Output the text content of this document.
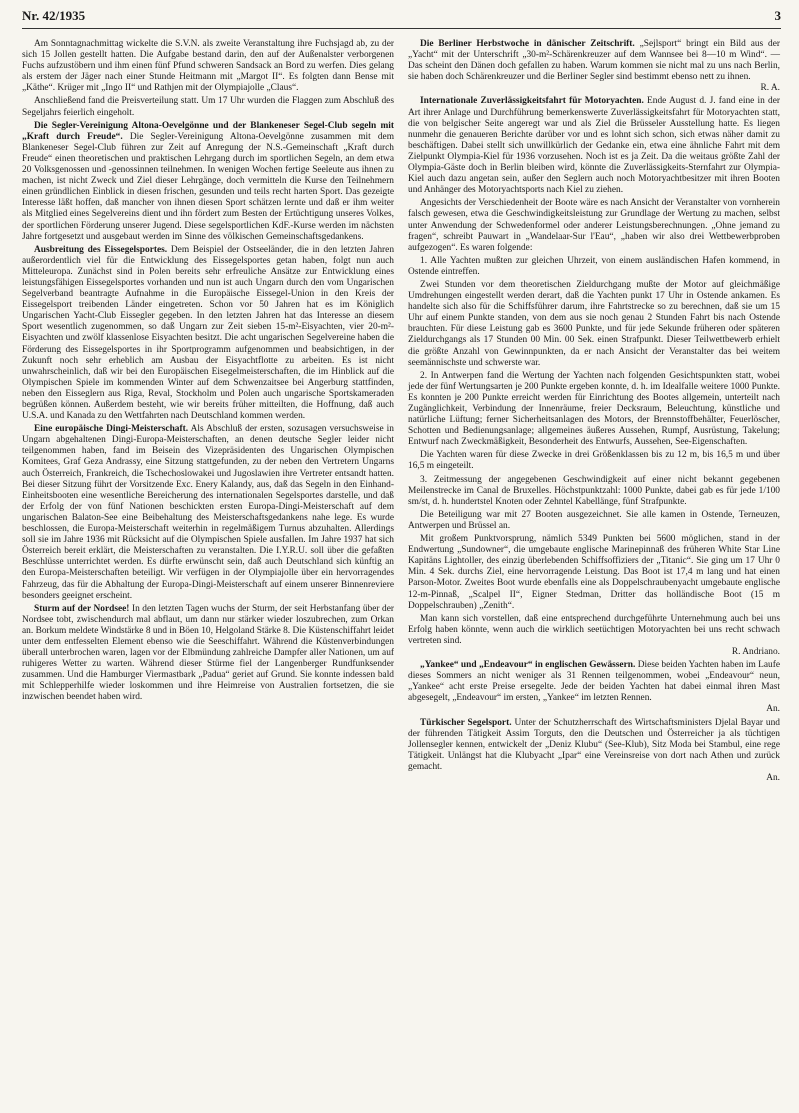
Nr. 42/1935	3

Am Sonntagnachmittag wickelte die S.V.N. als zweite Veranstaltung ihre Fuchsjagd ab, zu der sich 15 Jollen gestellt hatten. Die Aufgabe bestand darin, den auf der Außenalster verborgenen Fuchs aufzustöbern und ihm einen fünf Pfund schweren Sandsack an Bord zu werfen. Dies gelang als erstem der Jäger nach einer Stunde Heitmann mit „Margot II“. Es folgten dann Bense mit „Käthe“. Krüger mit „Ingo II“ und Rathjen mit der Olympiajolle „Claus“.

Anschließend fand die Preisverteilung statt. Um 17 Uhr wurden die Flaggen zum Abschluß des Segeljahrs feierlich eingeholt.

Die Segler-Vereinigung Altona-Oevelgönne und der Blankeneser Segel-Club segeln mit „Kraft durch Freude“. Die Segler-Vereinigung Altona-Oevelgönne zusammen mit dem Blankeneser Segel-Club führen zur Zeit auf Anregung der N.S.-Gemeinschaft „Kraft durch Freude“ einen theoretischen und praktischen Lehrgang durch im sportlichen Segeln, an dem etwa 20 Volksgenossen und -genossinnen teilnehmen. In wenigen Wochen fertige Seeleute aus ihnen zu machen, ist nicht Zweck und Ziel dieser Lehrgänge, doch vermitteln die Kurse den Teilnehmern einen gründlichen Einblick in diesen frischen, gesunden und teils recht harten Sport. Das gezeigte Interesse läßt hoffen, daß mancher von ihnen diesen Sport schätzen lernte und daß er ihm weiter als Mitglied eines Segelvereins dient und ihn fördert zum Besten der Ertüchtigung unseres Volkes, der sportlichen Förderung unserer Jugend. Diese segelsportlichen KdF.-Kurse werden im nächsten Jahre fortgesetzt und ausgebaut werden im Sinne des völkischen Gemeinschaftsgedankens.

Ausbreitung des Eissegelsportes. Dem Beispiel der Ostseeländer, die in den letzten Jahren außerordentlich viel für die Entwicklung des Eissegelsportes getan haben, folgt nun auch Mitteleuropa. Zunächst sind in Polen bereits sehr erfreuliche Ansätze zur Entwicklung eines leistungsfähigen Eissegelsportes vorhanden und nun ist auch Ungarn durch den vom Ungarischen Segelverband beantragte Aufnahme in die Europäische Eissegel-Union in den Kreis der Eissegelsport treibenden Länder eingetreten. Schon vor 50 Jahren hat es im Königlich Ungarischen Yacht-Club Eissegler gegeben. In den letzten Jahren hat das Interesse an diesem Sport wesentlich zugenommen, so daß Ungarn zur Zeit sieben 15-m²-Eisyachten, vier 20-m²-Eisyachten und zwölf klassenlose Eisyachten besitzt. Die acht ungarischen Segelvereine haben die Förderung des Eissegelsportes in ihr Sportprogramm aufgenommen und beabsichtigen, in der Zukunft noch sehr erheblich am Ausbau der Eisyachtflotte zu arbeiten. Es ist nicht unwahrscheinlich, daß wir bei den Europäischen Eisegelmeisterschaften, die im Hinblick auf die Olympischen Spiele im kommenden Winter auf dem Schwenzaitsee bei Angerburg stattfinden, neben den Eisseglern aus Riga, Reval, Stockholm und Polen auch ungarische Sportskameraden begrüßen können. Außerdem besteht, wie wir bereits früher mitteilten, die Hoffnung, daß auch U.S.A. und Kanada zu den Wettfahrten nach Deutschland kommen werden.

Eine europäische Dingi-Meisterschaft. Als Abschluß der ersten, sozusagen versuchsweise in Ungarn abgehaltenen Dingi-Europa-Meisterschaften, an denen deutsche Segler leider nicht teilgenommen haben, fand im Beisein des Vizepräsidenten des Ungarischen Olympischen Komitees, Graf Geza Andrassy, eine Sitzung stattgefunden, zu der neben den Vertretern Ungarns auch Österreich, Frankreich, die Tschechoslowakei und Jugoslawien ihre Vertreter entsandt hatten. Bei dieser Sitzung führt der Vorsitzende Exc. Enery Kalandy, aus, daß das Segeln in den Einhand-Einheitsbooten eine wesentliche Bereicherung des internationalen Segelsportes darstelle, und daß der Erfolg der von fünf Nationen beschickten ersten Europa-Dingi-Meisterschaft auf dem ungarischen Balaton-See eine Beibehaltung des Meisterschaftsgedankens nahe lege. Es wurde beschlossen, die Europa-Meisterschaft weiterhin in regelmäßigem Turnus abzuhalten. Allerdings soll sie im Jahre 1936 mit Rücksicht auf die Olympischen Spiele ausfallen. Im Jahre 1937 hat sich Österreich bereit erklärt, die Meisterschaften zu veranstalten. Die I.Y.R.U. soll über die gefaßten Beschlüsse unterrichtet werden. Es dürfte erwünscht sein, daß auch Deutschland sich künftig an den Europa-Meisterschaften beteiligt. Wir verfügen in der Olympiajolle über ein hervorragendes Fahrzeug, das für die Abhaltung der Europa-Dingi-Meisterschaft auf einem unserer Binnenreviere besonders geeignet erscheint.

Sturm auf der Nordsee! In den letzten Tagen wuchs der Sturm, der seit Herbstanfang über der Nordsee tobt, zwischendurch mal abflaut, um dann nur stärker wieder loszubrechen, zum Orkan an. Borkum meldete Windstärke 8 und in Böen 10, Helgoland Stärke 8. Die Küstenschiffahrt leidet unter dem entfesselten Element ebenso wie die Seeschiffahrt. Während die Küstenverbindungen überall unterbrochen waren, lagen vor der Elbmündung zahlreiche Dampfer aller Nationen, um auf ruhigeres Wetter zu warten. Während dieser Stürme fiel der Langenberger Rundfunksender zusammen. Und die Hamburger Viermastbark „Padua“ geriet auf Grund. Sie konnte indessen bald mit Schlepperhilfe wieder loskommen und ihre Heimreise von Australien fortsetzen, die sie inzwischen beendet haben wird.

Die Berliner Herbstwoche in dänischer Zeitschrift. „Sejlsport“ bringt ein Bild aus der „Yacht“ mit der Unterschrift „30-m²-Schärenkreuzer auf dem Wannsee bei 8—10 m Wind“. — Das scheint den Dänen doch gefallen zu haben. Warum kommen sie nicht mal zu uns nach Berlin, sie haben doch Schärenkreuzer und die Berliner Segler sind bestimmt ebenso nett zu ihnen.
R. A.

Internationale Zuverlässigkeitsfahrt für Motoryachten. Ende August d. J. fand eine in der Art ihrer Anlage und Durchführung bemerkenswerte Zuverlässigkeitsfahrt für Motoryachten statt, die von belgischer Seite angeregt war und als Ziel die Brüsseler Ausstellung hatte. Es liegen nunmehr die genaueren Berichte darüber vor und es lohnt sich schon, sich etwas näher damit zu beschäftigen. Dabei stellt sich unwillkürlich der Gedanke ein, etwa eine ähnliche Fahrt mit dem Zielpunkt Olympia-Kiel für 1936 vorzusehen. Noch ist es ja Zeit. Da die weitaus größte Zahl der Olympia-Gäste doch in Berlin bleiben wird, könnte die Zuverlässigkeits-Sternfahrt zur Olympia-Kiel auch dazu angetan sein, außer den Seglern auch noch Motoryachtbesitzer mit ihren Booten und Anhänger des Motoryachtsports nach Kiel zu ziehen.

Angesichts der Verschiedenheit der Boote wäre es nach Ansicht der Veranstalter von vornherein falsch gewesen, etwa die Geschwindigkeitsleistung zur Grundlage der Wertung zu machen, selbst unter Anwendung der Schwedenformel oder anderer Leistungsberechnungen. „Ohne jemand zu fragen“, schreibt Pauwart in „Wandelaar-Sur l'Eau“, „haben wir also drei Wettbewerbproben aufgezogen“. Es waren folgende:

1. Alle Yachten mußten zur gleichen Uhrzeit, von einem ausländischen Hafen kommend, in Ostende eintreffen.

Zwei Stunden vor dem theoretischen Zieldurchgang mußte der Motor auf gleichmäßige Umdrehungen eingestellt werden derart, daß die Yachten punkt 17 Uhr in Ostende ankamen. Es handelte sich also für die Schiffsführer darum, ihre Fahrtstrecke so zu berechnen, daß sie um 15 Uhr auf einem Punkte standen, von dem aus sie noch genau 2 Stunden Fahrt bis nach Ostende brauchten. Für diese Leistung gab es 3600 Punkte, und für jede Sekunde früheren oder späteren Zieldurchgangs als 17 Stunden 00 Min. 00 Sek. einen Strafpunkt. Dieser Teilwettbewerb erhielt die größte Anzahl von Gewinnpunkten, da er nach Ansicht der Veranstalter das bei weitem seemännischste und schwerste war.

2. In Antwerpen fand die Wertung der Yachten nach folgenden Gesichtspunkten statt, wobei jede der fünf Wertungsarten je 200 Punkte ergeben konnte, d. h. im Idealfalle weitere 1000 Punkte. Es konnten je 200 Punkte erreicht werden für Einrichtung des Bootes allgemein, unterteilt nach Zugänglichkeit, Verbindung der Innenräume, freier Decksraum, Beleuchtung, künstliche und natürliche Lüftung; ferner Sicherheitsanlagen des Motors, der Brennstoffbehälter, Feuerlöscher, Schotten und Bedienungsanlage; allgemeines äußeres Aussehen, Rumpf, Ausrüstung, Takelung; Entwurf nach Zweckmäßigkeit, Besonderheit des Entwurfs, Aussehen, See-Eigenschaften.

Die Yachten waren für diese Zwecke in drei Größenklassen bis zu 12 m, bis 16,5 m und über 16,5 m eingeteilt.

3. Zeitmessung der angegebenen Geschwindigkeit auf einer nicht bekannt gegebenen Meilenstrecke im Canal de Bruxelles. Höchstpunktzahl: 1000 Punkte, dabei gab es für jede 1/100 sm/st, d. h. hundertstel Knoten oder Zehntel Kabellänge, fünf Strafpunkte.

Die Beteiligung war mit 27 Booten ausgezeichnet. Sie alle kamen in Ostende, Terneuzen, Antwerpen und Brüssel an.

Mit großem Punktvorsprung, nämlich 5349 Punkten bei 5600 möglichen, stand in der Endwertung „Sundowner“, die umgebaute englische Marinepinnaß des früheren White Star Line Kapitäns Lightoller, des einzig überlebenden Schiffsoffiziers der „Titanic“. Sie ging um 17 Uhr 0 Min. 4 Sek. durchs Ziel, eine hervorragende Leistung. Das Boot ist 17,4 m lang und hat einen Parson-Motor. Zweites Boot wurde ebenfalls eine als Doppelschraubenyacht umgebaute englische 12-m-Pinnaß, „Scalpel II“, Eigner Stedman, Dritter das holländische Boot (15 m Doppelschrauben) „Zenith“.

Man kann sich vorstellen, daß eine entsprechend durchgeführte Unternehmung auch bei uns Erfolg haben könnte, wenn auch die wirklich seetüchtigen Motoryachten bei uns recht schwach vertreten sind.
R. Andriano.

„Yankee“ und „Endeavour“ in englischen Gewässern. Diese beiden Yachten haben im Laufe dieses Sommers an nicht weniger als 31 Rennen teilgenommen, wobei „Endeavour“ neun, „Yankee“ acht erste Preise ersegelte. Jede der beiden Yachten hat dabei einmal ihren Mast abgesegelt, „Endeavour“ im ersten, „Yankee“ im letzten Rennen.
An.

Türkischer Segelsport. Unter der Schutzherrschaft des Wirtschaftsministers Djelal Bayar und der führenden Tätigkeit Assim Torguts, den die Deutschen und Österreicher ja als tüchtigen Jollensegler kennen, entwickelt der „Deniz Klubu“ (See-Klub), Sitz Moda bei Stambul, eine rege Tätigkeit. Unlängst hat die Klubyacht „Ipar“ eine Vereinsreise von dort nach Athen und zurück gemacht.
An.
